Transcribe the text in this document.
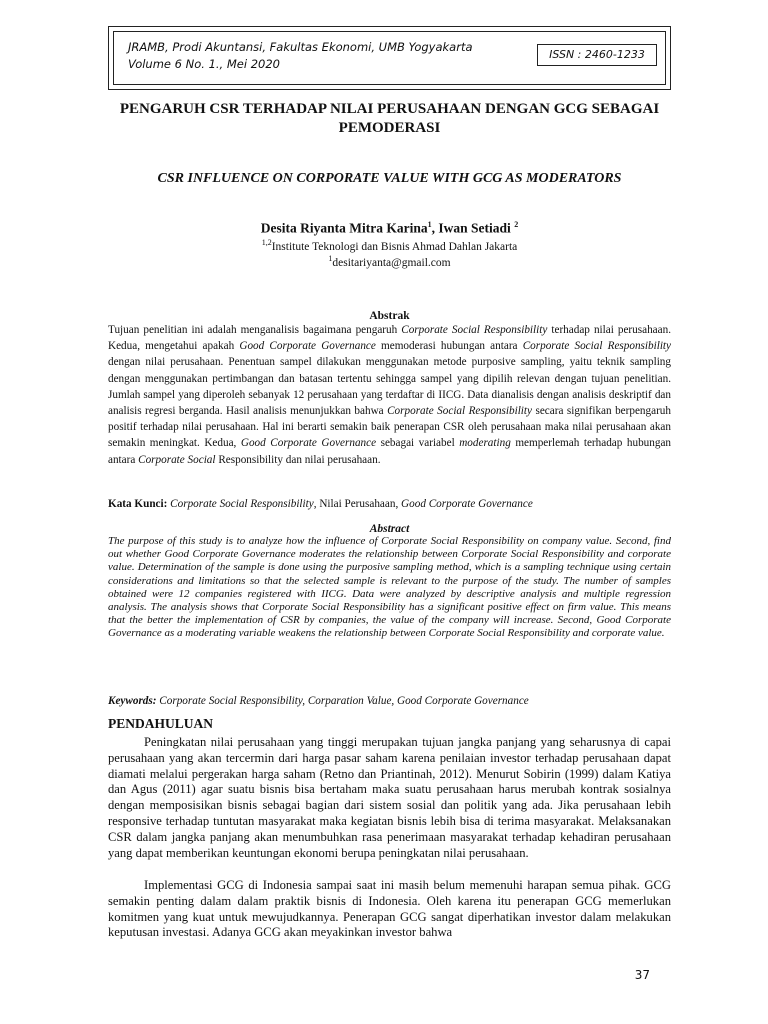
JRAMB, Prodi Akuntansi, Fakultas Ekonomi, UMB Yogyakarta
Volume 6 No. 1., Mei 2020
ISSN : 2460-1233
PENGARUH CSR TERHADAP NILAI PERUSAHAAN DENGAN GCG SEBAGAI PEMODERASI
CSR INFLUENCE ON CORPORATE VALUE WITH GCG AS MODERATORS
Desita Riyanta Mitra Karina$^1$, Iwan Setiadi $^2$
$^{1,2}$Institute Teknologi dan Bisnis Ahmad Dahlan Jakarta
$^1$desitariyanta@gmail.com
Abstrak
Tujuan penelitian ini adalah menganalisis bagaimana pengaruh Corporate Social Responsibility terhadap nilai perusahaan. Kedua, mengetahui apakah Good Corporate Governance memoderasi hubungan antara Corporate Social Responsibility dengan nilai perusahaan. Penentuan sampel dilakukan menggunakan metode purposive sampling, yaitu teknik sampling dengan menggunakan pertimbangan dan batasan tertentu sehingga sampel yang dipilih relevan dengan tujuan penelitian. Jumlah sampel yang diperoleh sebanyak 12 perusahaan yang terdaftar di IICG. Data dianalisis dengan analisis deskriptif dan analisis regresi berganda. Hasil analisis menunjukkan bahwa Corporate Social Responsibility secara signifikan berpengaruh positif terhadap nilai perusahaan. Hal ini berarti semakin baik penerapan CSR oleh perusahaan maka nilai perusahaan akan semakin meningkat. Kedua, Good Corporate Governance sebagai variabel moderating memperlemah terhadap hubungan antara Corporate Social Responsibility dan nilai perusahaan.
Kata Kunci: Corporate Social Responsibility, Nilai Perusahaan, Good Corporate Governance
Abstract
The purpose of this study is to analyze how the influence of Corporate Social Responsibility on company value. Second, find out whether Good Corporate Governance moderates the relationship between Corporate Social Responsibility and corporate value. Determination of the sample is done using the purposive sampling method, which is a sampling technique using certain considerations and limitations so that the selected sample is relevant to the purpose of the study. The number of samples obtained were 12 companies registered with IICG. Data were analyzed by descriptive analysis and multiple regression analysis. The analysis shows that Corporate Social Responsibility has a significant positive effect on firm value. This means that the better the implementation of CSR by companies, the value of the company will increase. Second, Good Corporate Governance as a moderating variable weakens the relationship between Corporate Social Responsibility and corporate value.
Keywords: Corporate Social Responsibility, Corparation Value, Good Corporate Governance
PENDAHULUAN
Peningkatan nilai perusahaan yang tinggi merupakan tujuan jangka panjang yang seharusnya di capai perusahaan yang akan tercermin dari harga pasar saham karena penilaian investor terhadap perusahaan dapat diamati melalui pergerakan harga saham (Retno dan Priantinah, 2012). Menurut Sobirin (1999) dalam Katiya dan Agus (2011) agar suatu bisnis bisa bertaham maka suatu perusahaan harus merubah kontrak sosialnya dengan memposisikan bisnis sebagai bagian dari sistem sosial dan politik yang ada. Jika perusahaan lebih responsive terhadap tuntutan masyarakat maka kegiatan bisnis lebih bisa di terima masyarakat. Melaksanakan CSR dalam jangka panjang akan menumbuhkan rasa penerimaan masyarakat terhadap kehadiran perusahaan yang dapat memberikan keuntungan ekonomi berupa peningkatan nilai perusahaan.
Implementasi GCG di Indonesia sampai saat ini masih belum memenuhi harapan semua pihak. GCG semakin penting dalam dalam praktik bisnis di Indonesia. Oleh karena itu penerapan GCG memerlukan komitmen yang kuat untuk mewujudkannya. Penerapan GCG sangat diperhatikan investor dalam melakukan keputusan investasi. Adanya GCG akan meyakinkan investor bahwa
37
